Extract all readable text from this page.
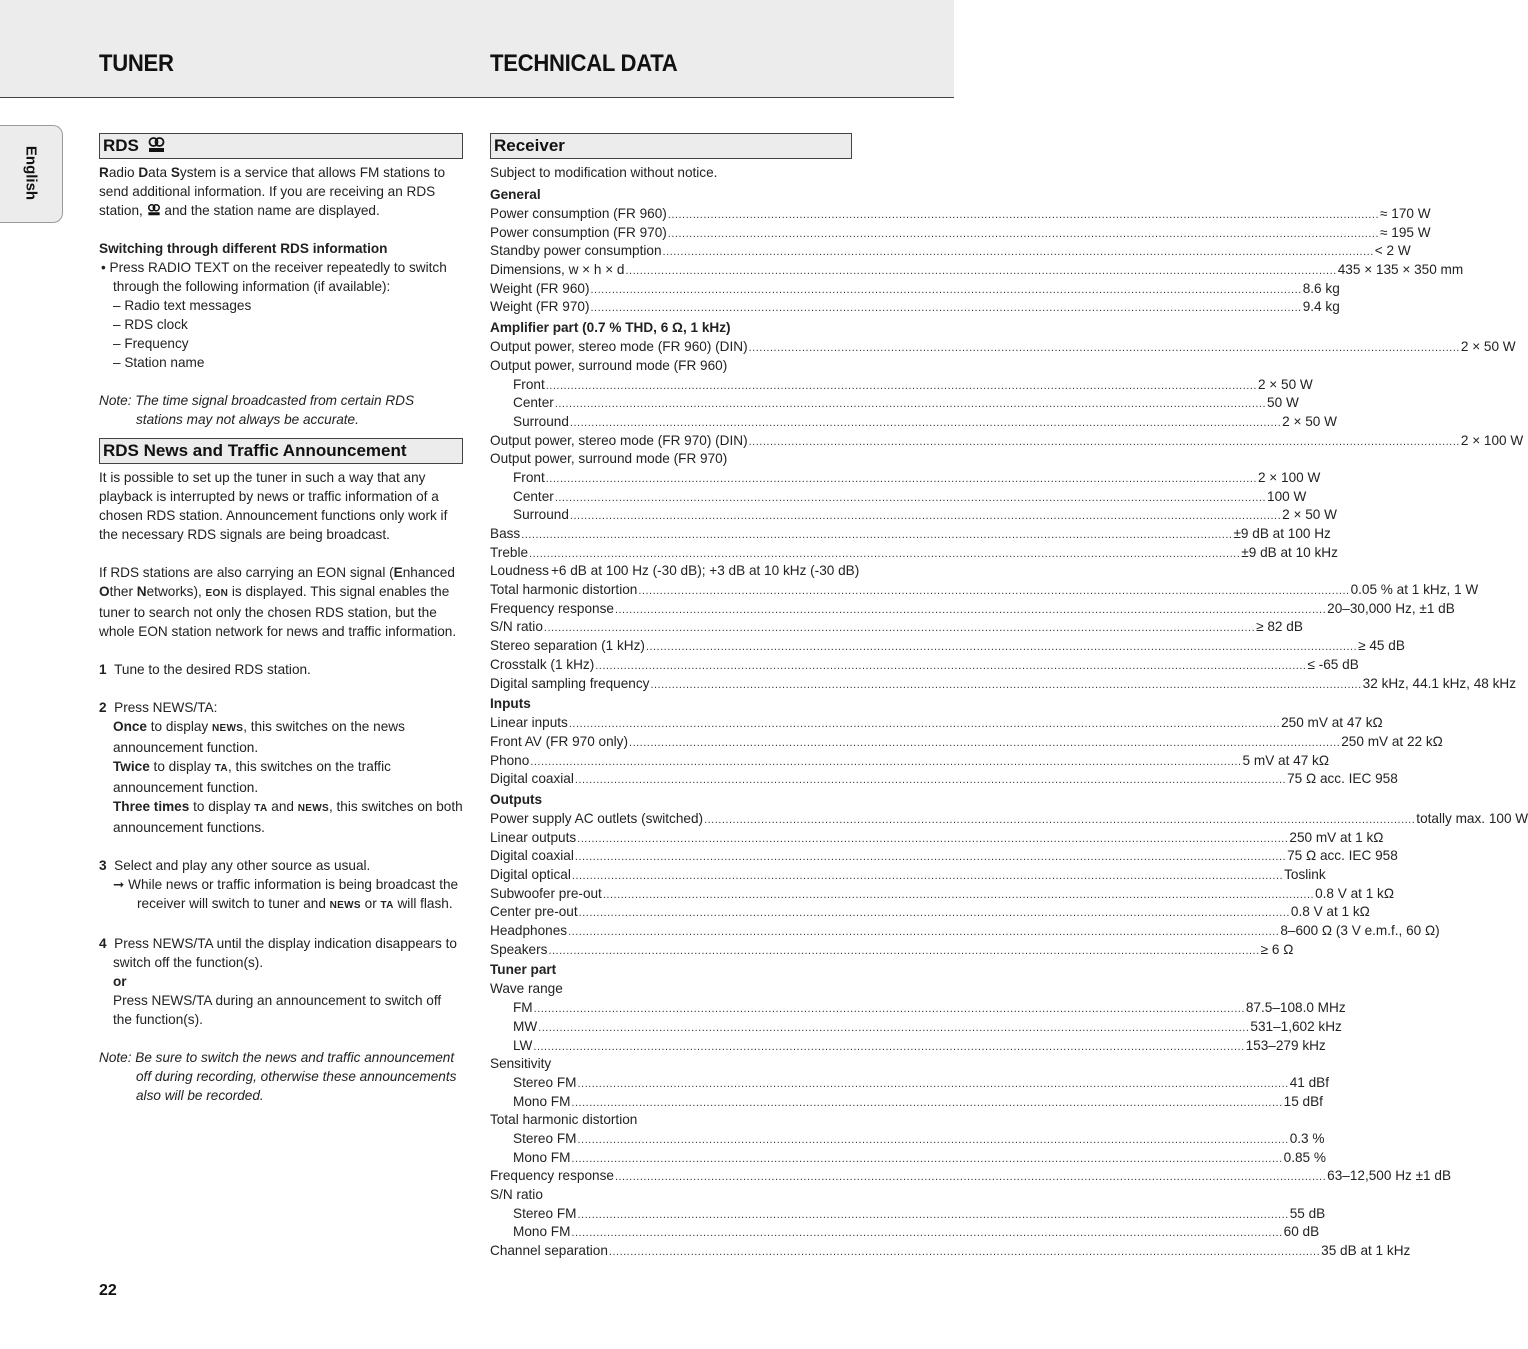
TUNER	TECHNICAL DATA
English
RDS

Radio Data System is a service that allows FM stations to send additional information. If you are receiving an RDS station,  and the station name are displayed.

Switching through different RDS information

• Press RADIO TEXT on the receiver repeatedly to switch through the following information (if available):

– Radio text messages

– RDS clock

– Frequency

– Station name

Note: The time signal broadcasted from certain RDS stations may not always be accurate.

RDS News and Traffic Announcement

It is possible to set up the tuner in such a way that any playback is interrupted by news or traffic information of a chosen RDS station. Announcement functions only work if the necessary RDS signals are being broadcast.

If RDS stations are also carrying an EON signal (Enhanced Other Networks), EON is displayed. This signal enables the tuner to search not only the chosen RDS station, but the whole EON station network for news and traffic information.

1 Tune to the desired RDS station.

2 Press NEWS/TA:

Once to display NEWS, this switches on the news announcement function.

Twice to display TA, this switches on the traffic announcement function.

Three times to display TA and NEWS, this switches on both announcement functions.

3 Select and play any other source as usual.

➞ While news or traffic information is being broadcast the receiver will switch to tuner and NEWS or TA will flash.

4 Press NEWS/TA until the display indication disappears to switch off the function(s).

or

Press NEWS/TA during an announcement to switch off the function(s).

Note: Be sure to switch the news and traffic announcement off during recording, otherwise these announcements also will be recorded.

Receiver

Subject to modification without notice.

General
Power consumption (FR 960) ........................................................................................................................................................................................................ ≈ 170 W
Power consumption (FR 970) ........................................................................................................................................................................................................ ≈ 195 W
Standby power consumption ........................................................................................................................................................................................................ < 2 W
Dimensions, w × h × d ........................................................................................................................................................................................................ 435 × 135 × 350 mm
Weight (FR 960) ........................................................................................................................................................................................................ 8.6 kg
Weight (FR 970) ........................................................................................................................................................................................................ 9.4 kg
Amplifier part (0.7 % THD, 6 Ω, 1 kHz)
Output power, stereo mode (FR 960) (DIN) ........................................................................................................................................................................................................ 2 × 50 W
Output power, surround mode (FR 960)
Front ........................................................................................................................................................................................................ 2 × 50 W
Center ........................................................................................................................................................................................................ 50 W
Surround ........................................................................................................................................................................................................ 2 × 50 W
Output power, stereo mode (FR 970) (DIN) ........................................................................................................................................................................................................ 2 × 100 W
Output power, surround mode (FR 970)
Front ........................................................................................................................................................................................................ 2 × 100 W
Center ........................................................................................................................................................................................................ 100 W
Surround ........................................................................................................................................................................................................ 2 × 50 W
Bass ........................................................................................................................................................................................................ ±9 dB at 100 Hz
Treble ........................................................................................................................................................................................................ ±9 dB at 10 kHz
Loudness +6 dB at 100 Hz (-30 dB); +3 dB at 10 kHz (-30 dB)
Total harmonic distortion ........................................................................................................................................................................................................ 0.05 % at 1 kHz, 1 W
Frequency response ........................................................................................................................................................................................................ 20–30,000 Hz, ±1 dB
S/N ratio ........................................................................................................................................................................................................ ≥ 82 dB
Stereo separation (1 kHz) ........................................................................................................................................................................................................ ≥ 45 dB
Crosstalk (1 kHz) ........................................................................................................................................................................................................ ≤ -65 dB
Digital sampling frequency ........................................................................................................................................................................................................ 32 kHz, 44.1 kHz, 48 kHz
Inputs
Linear inputs ........................................................................................................................................................................................................ 250 mV at 47 kΩ
Front AV (FR 970 only) ........................................................................................................................................................................................................ 250 mV at 22 kΩ
Phono ........................................................................................................................................................................................................ 5 mV at 47 kΩ
Digital coaxial ........................................................................................................................................................................................................ 75 Ω acc. IEC 958
Outputs
Power supply AC outlets (switched) ........................................................................................................................................................................................................ totally max. 100 W
Linear outputs ........................................................................................................................................................................................................ 250 mV at 1 kΩ
Digital coaxial ........................................................................................................................................................................................................ 75 Ω acc. IEC 958
Digital optical ........................................................................................................................................................................................................ Toslink
Subwoofer pre-out ........................................................................................................................................................................................................ 0.8 V at 1 kΩ
Center pre-out ........................................................................................................................................................................................................ 0.8 V at 1 kΩ
Headphones ........................................................................................................................................................................................................ 8–600 Ω (3 V e.m.f., 60 Ω)
Speakers ........................................................................................................................................................................................................ ≥ 6 Ω
Tuner part
Wave range
FM ........................................................................................................................................................................................................ 87.5–108.0 MHz
MW ........................................................................................................................................................................................................ 531–1,602 kHz
LW ........................................................................................................................................................................................................ 153–279 kHz
Sensitivity
Stereo FM ........................................................................................................................................................................................................ 41 dBf
Mono FM ........................................................................................................................................................................................................ 15 dBf
Total harmonic distortion
Stereo FM ........................................................................................................................................................................................................ 0.3 %
Mono FM ........................................................................................................................................................................................................ 0.85 %
Frequency response ........................................................................................................................................................................................................ 63–12,500 Hz ±1 dB
S/N ratio
Stereo FM ........................................................................................................................................................................................................ 55 dB
Mono FM ........................................................................................................................................................................................................ 60 dB
Channel separation ........................................................................................................................................................................................................ 35 dB at 1 kHz
22
